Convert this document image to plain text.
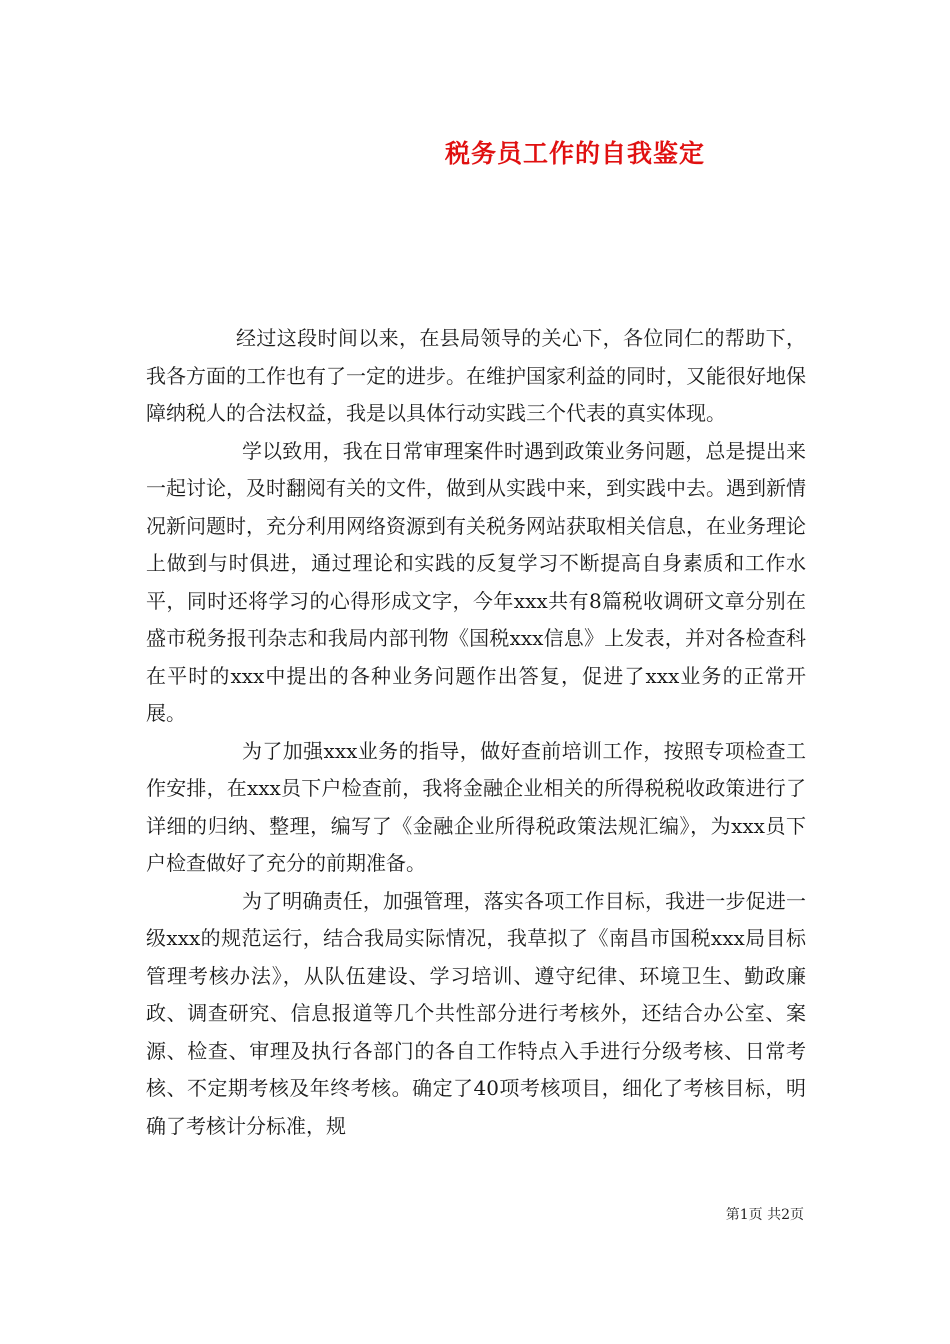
税务员工作的自我鉴定

经过这段时间以来，在县局领导的关心下，各位同仁的帮助下，我各方面的工作也有了一定的进步。在维护国家利益的同时，又能很好地保障纳税人的合法权益，我是以具体行动实践三个代表的真实体现。

学以致用，我在日常审理案件时遇到政策业务问题，总是提出来一起讨论，及时翻阅有关的文件，做到从实践中来，到实践中去。遇到新情况新问题时，充分利用网络资源到有关税务网站获取相关信息，在业务理论上做到与时俱进，通过理论和实践的反复学习不断提高自身素质和工作水平，同时还将学习的心得形成文字，今年xxx共有8篇税收调研文章分别在盛市税务报刊杂志和我局内部刊物《国税xxx信息》上发表，并对各检查科在平时的xxx中提出的各种业务问题作出答复，促进了xxx业务的正常开展。

为了加强xxx业务的指导，做好查前培训工作，按照专项检查工作安排，在xxx员下户检查前，我将金融企业相关的所得税税收政策进行了详细的归纳、整理，编写了《金融企业所得税政策法规汇编》，为xxx员下户检查做好了充分的前期准备。

为了明确责任，加强管理，落实各项工作目标，我进一步促进一级xxx的规范运行，结合我局实际情况，我草拟了《南昌市国税xxx局目标管理考核办法》，从队伍建设、学习培训、遵守纪律、环境卫生、勤政廉政、调查研究、信息报道等几个共性部分进行考核外，还结合办公室、案源、检查、审理及执行各部门的各自工作特点入手进行分级考核、日常考核、不定期考核及年终考核。确定了40项考核项目，细化了考核目标，明确了考核计分标准，规

第1页 共2页
